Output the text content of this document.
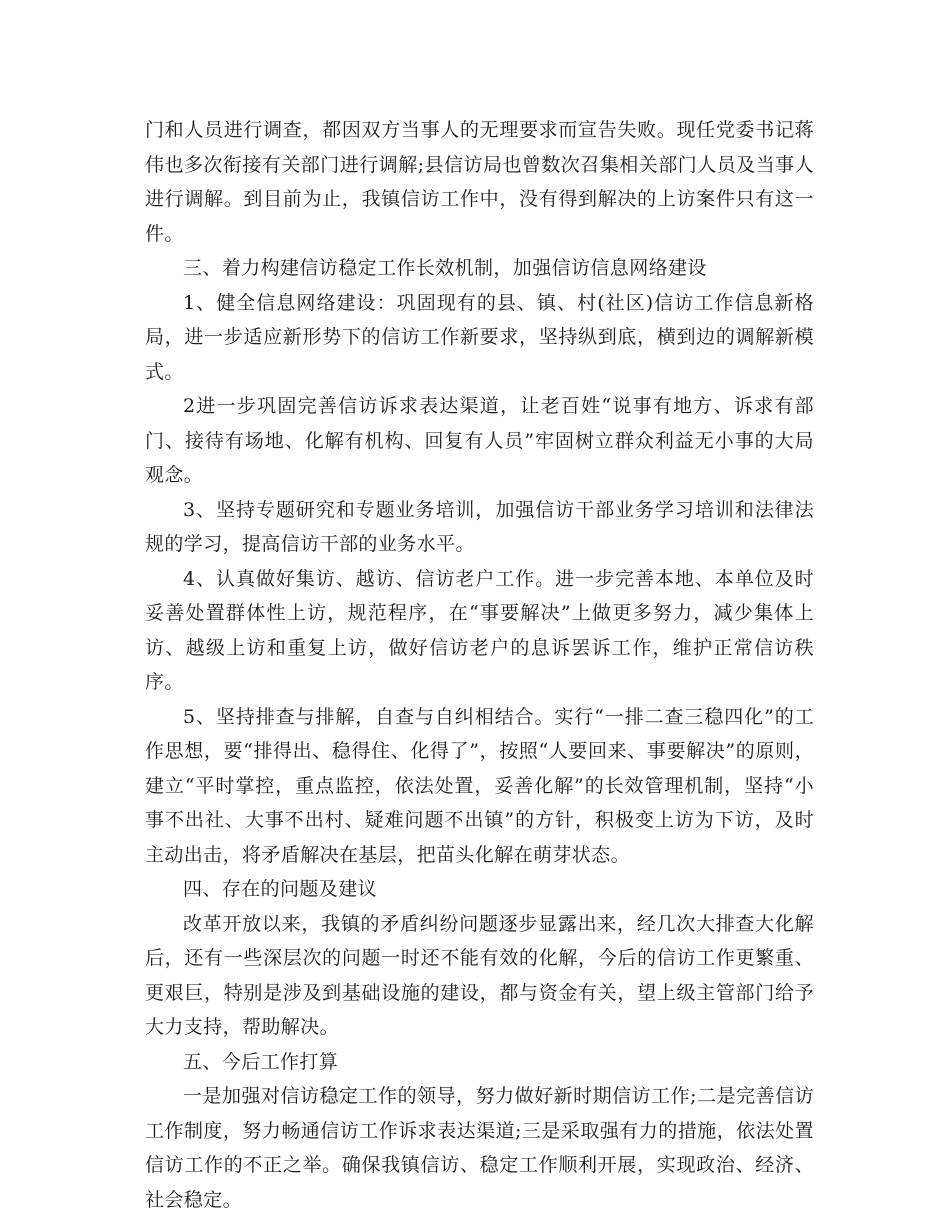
门和人员进行调查，都因双方当事人的无理要求而宣告失败。现任党委书记蒋伟也多次衔接有关部门进行调解;县信访局也曾数次召集相关部门人员及当事人进行调解。到目前为止，我镇信访工作中，没有得到解决的上访案件只有这一件。

三、着力构建信访稳定工作长效机制，加强信访信息网络建设

1、健全信息网络建设：巩固现有的县、镇、村(社区)信访工作信息新格局，进一步适应新形势下的信访工作新要求，坚持纵到底，横到边的调解新模式。

2进一步巩固完善信访诉求表达渠道，让老百姓“说事有地方、诉求有部门、接待有场地、化解有机构、回复有人员”牢固树立群众利益无小事的大局观念。

3、坚持专题研究和专题业务培训，加强信访干部业务学习培训和法律法规的学习，提高信访干部的业务水平。

4、认真做好集访、越访、信访老户工作。进一步完善本地、本单位及时妥善处置群体性上访，规范程序，在“事要解决”上做更多努力，减少集体上访、越级上访和重复上访，做好信访老户的息诉罢诉工作，维护正常信访秩序。

5、坚持排查与排解，自查与自纠相结合。实行“一排二查三稳四化”的工作思想，要“排得出、稳得住、化得了”，按照“人要回来、事要解决”的原则，建立“平时掌控，重点监控，依法处置，妥善化解”的长效管理机制，坚持“小事不出社、大事不出村、疑难问题不出镇”的方针，积极变上访为下访，及时主动出击，将矛盾解决在基层，把苗头化解在萌芽状态。

四、存在的问题及建议

改革开放以来，我镇的矛盾纠纷问题逐步显露出来，经几次大排查大化解后，还有一些深层次的问题一时还不能有效的化解，今后的信访工作更繁重、更艰巨，特别是涉及到基础设施的建设，都与资金有关，望上级主管部门给予大力支持，帮助解决。

五、今后工作打算

一是加强对信访稳定工作的领导，努力做好新时期信访工作;二是完善信访工作制度，努力畅通信访工作诉求表达渠道;三是采取强有力的措施，依法处置信访工作的不正之举。确保我镇信访、稳定工作顺利开展，实现政治、经济、社会稳定。
